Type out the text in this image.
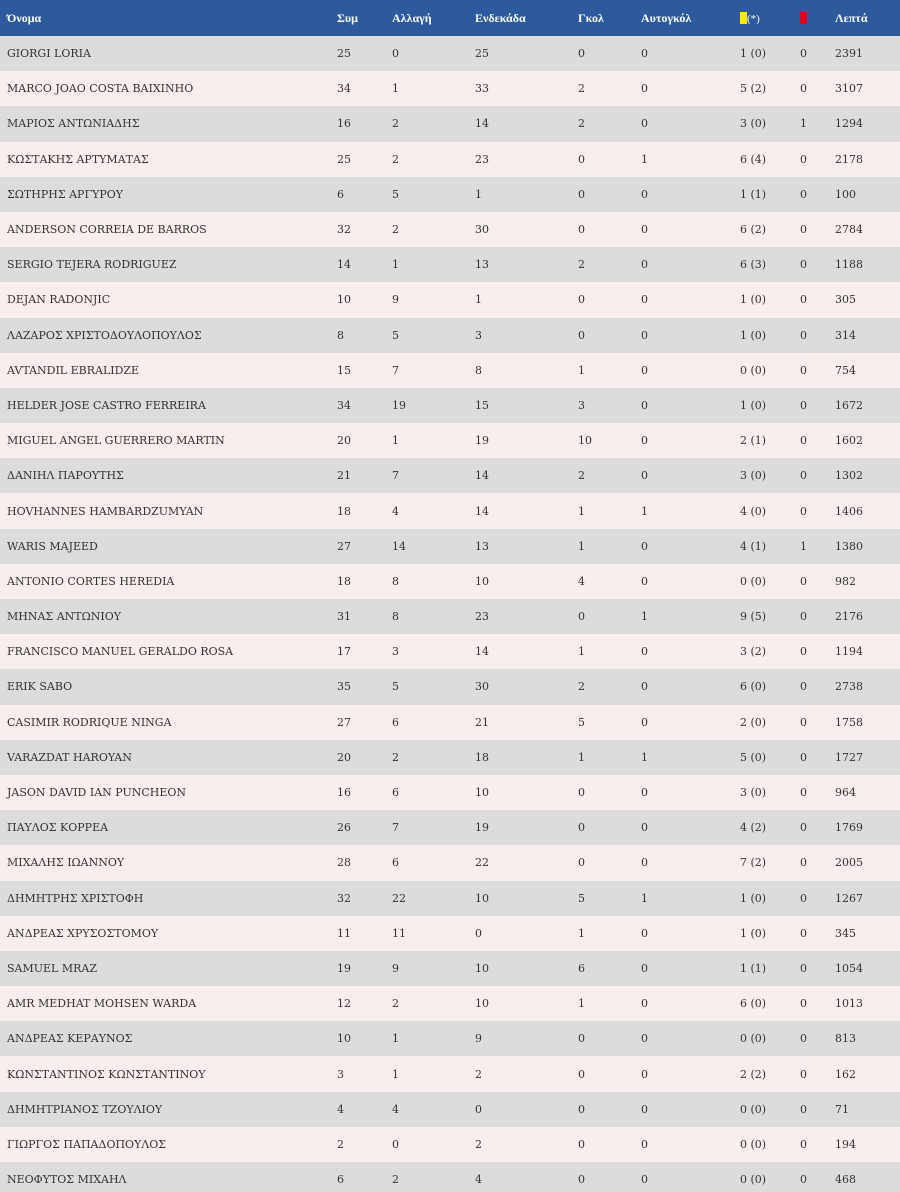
Όνομα	Συμ	Αλλαγή	Ενδεκάδα	Γκολ	Αυτογκόλ	(*)		Λεπτά
GIORGI LORIA	25	0	25	0	0	1 (0)	0	2391
MARCO JOAO COSTA BAIXINHO	34	1	33	2	0	5 (2)	0	3107
ΜΑΡΙΟΣ ΑΝΤΩΝΙΑΔΗΣ	16	2	14	2	0	3 (0)	1	1294
ΚΩΣΤΑΚΗΣ ΑΡΤΥΜΑΤΑΣ	25	2	23	0	1	6 (4)	0	2178
ΣΩΤΗΡΗΣ ΑΡΓΥΡΟΥ	6	5	1	0	0	1 (1)	0	100
ANDERSON CORREIA DE BARROS	32	2	30	0	0	6 (2)	0	2784
SERGIO TEJERA RODRIGUEZ	14	1	13	2	0	6 (3)	0	1188
DEJAN RADONJIC	10	9	1	0	0	1 (0)	0	305
ΛΑΖΑΡΟΣ ΧΡΙΣΤΟΔΟΥΛΟΠΟΥΛΟΣ	8	5	3	0	0	1 (0)	0	314
AVTANDIL EBRALIDZE	15	7	8	1	0	0 (0)	0	754
HELDER JOSE CASTRO FERREIRA	34	19	15	3	0	1 (0)	0	1672
MIGUEL ANGEL GUERRERO MARTIN	20	1	19	10	0	2 (1)	0	1602
ΔΑΝΙΗΛ ΠΑΡΟΥΤΗΣ	21	7	14	2	0	3 (0)	0	1302
HOVHANNES HAMBARDZUMYAN	18	4	14	1	1	4 (0)	0	1406
WARIS MAJEED	27	14	13	1	0	4 (1)	1	1380
ANTONIO CORTES HEREDIA	18	8	10	4	0	0 (0)	0	982
ΜΗΝΑΣ ΑΝΤΩΝΙΟΥ	31	8	23	0	1	9 (5)	0	2176
FRANCISCO MANUEL GERALDO ROSA	17	3	14	1	0	3 (2)	0	1194
ERIK SABO	35	5	30	2	0	6 (0)	0	2738
CASIMIR RODRIQUE NINGA	27	6	21	5	0	2 (0)	0	1758
VARAZDAT HAROYAN	20	2	18	1	1	5 (0)	0	1727
JASON DAVID IAN PUNCHEON	16	6	10	0	0	3 (0)	0	964
ΠΑΥΛΟΣ ΚΟΡΡΕΑ	26	7	19	0	0	4 (2)	0	1769
ΜΙΧΑΛΗΣ ΙΩΑΝΝΟΥ	28	6	22	0	0	7 (2)	0	2005
ΔΗΜΗΤΡΗΣ ΧΡΙΣΤΟΦΗ	32	22	10	5	1	1 (0)	0	1267
ΑΝΔΡΕΑΣ ΧΡΥΣΟΣΤΟΜΟΥ	11	11	0	1	0	1 (0)	0	345
SAMUEL MRAZ	19	9	10	6	0	1 (1)	0	1054
AMR MEDHAT MOHSEN WARDA	12	2	10	1	0	6 (0)	0	1013
ΑΝΔΡΕΑΣ ΚΕΡΑΥΝΟΣ	10	1	9	0	0	0 (0)	0	813
ΚΩΝΣΤΑΝΤΙΝΟΣ ΚΩΝΣΤΑΝΤΙΝΟΥ	3	1	2	0	0	2 (2)	0	162
ΔΗΜΗΤΡΙΑΝΟΣ ΤΖΟΥΛΙΟΥ	4	4	0	0	0	0 (0)	0	71
ΓΙΩΡΓΟΣ ΠΑΠΑΔΟΠΟΥΛΟΣ	2	0	2	0	0	0 (0)	0	194
ΝΕΟΦΥΤΟΣ ΜΙΧΑΗΛ	6	2	4	0	0	0 (0)	0	468
